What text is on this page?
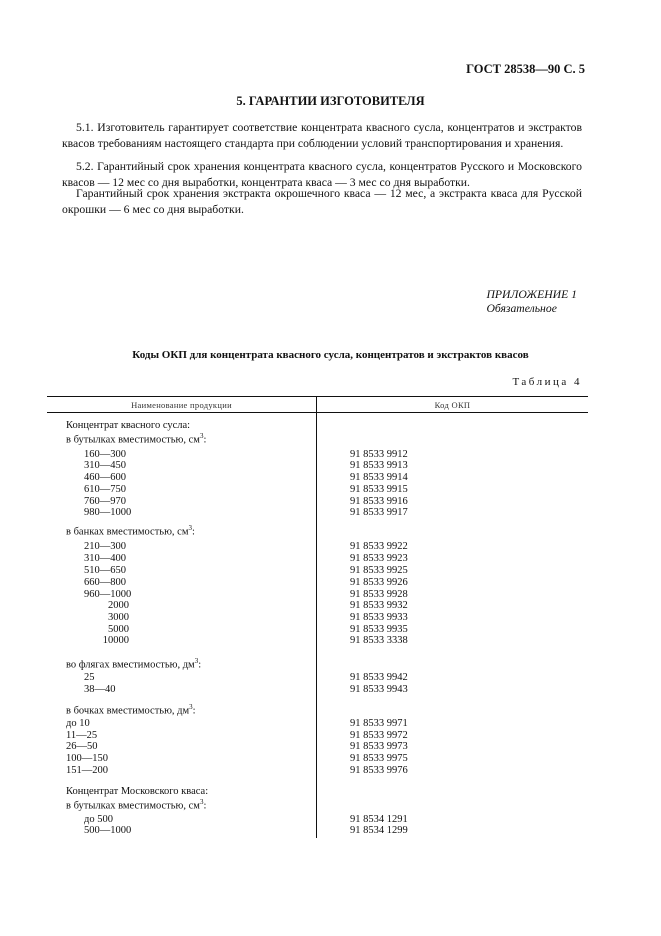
ГОСТ 28538—90 С. 5
5. ГАРАНТИИ ИЗГОТОВИТЕЛЯ
5.1. Изготовитель гарантирует соответствие концентрата квасного сусла, концентратов и экстрактов квасов требованиям настоящего стандарта при соблюдении условий транспортирования и хранения.
5.2. Гарантийный срок хранения концентрата квасного сусла, концентратов Русского и Московского квасов — 12 мес со дня выработки, концентрата кваса — 3 мес со дня выработки.
Гарантийный срок хранения экстракта окрошечного кваса — 12 мес, а экстракта кваса для Русской окрошки — 6 мес со дня выработки.
ПРИЛОЖЕНИЕ 1
Обязательное
Коды ОКП для концентрата квасного сусла, концентратов и экстрактов квасов
Таблица 4
Наименование продукции	Код ОКП
Концентрат квасного сусла:
в бутылках вместимостью, $см^3$:
160—300	91 8533 9912
310—450	91 8533 9913
460—600	91 8533 9914
610—750	91 8533 9915
760—970	91 8533 9916
980—1000	91 8533 9917
в банках вместимостью, $см^3$:
210—300	91 8533 9922
310—400	91 8533 9923
510—650	91 8533 9925
660—800	91 8533 9926
960—1000	91 8533 9928
2000	91 8533 9932
3000	91 8533 9933
5000	91 8533 9935
10000	91 8533 3338
во флягах вместимостью, $дм^3$:
25	91 8533 9942
38—40	91 8533 9943
в бочках вместимостью, $дм^3$:
до 10	91 8533 9971
11—25	91 8533 9972
26—50	91 8533 9973
100—150	91 8533 9975
151—200	91 8533 9976
Концентрат Московского кваса:
в бутылках вместимостью, $см^3$:
до 500	91 8534 1291
500—1000	91 8534 1299
